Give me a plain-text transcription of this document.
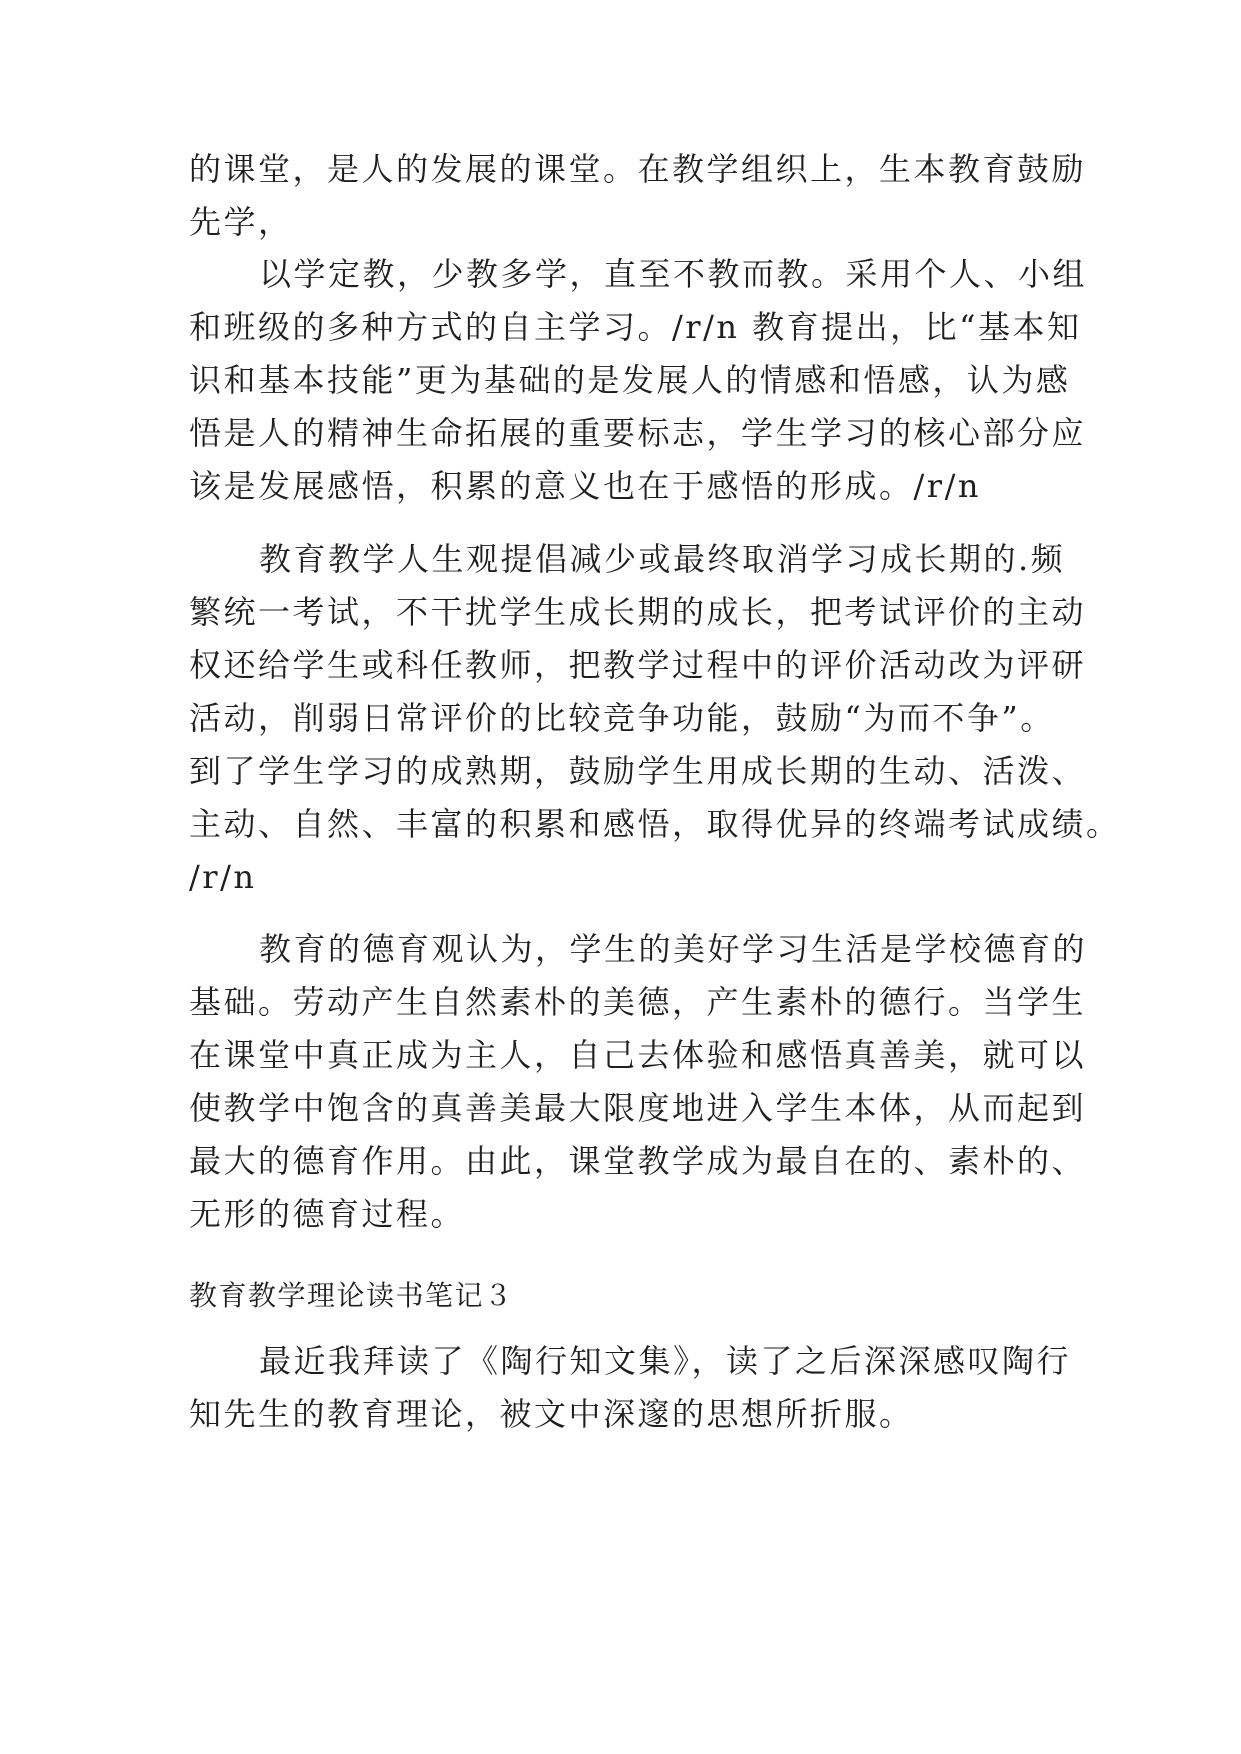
的课堂，是人的发展的课堂。在教学组织上，生本教育鼓励
先学，
以学定教，少教多学，直至不教而教。采用个人、小组
和班级的多种方式的自主学习。/r/n 教育提出，比“基本知
识和基本技能”更为基础的是发展人的情感和悟感，认为感
悟是人的精神生命拓展的重要标志，学生学习的核心部分应
该是发展感悟，积累的意义也在于感悟的形成。/r/n
教育教学人生观提倡减少或最终取消学习成长期的.频
繁统一考试，不干扰学生成长期的成长，把考试评价的主动
权还给学生或科任教师，把教学过程中的评价活动改为评研
活动，削弱日常评价的比较竞争功能，鼓励“为而不争”。
到了学生学习的成熟期，鼓励学生用成长期的生动、活泼、
主动、自然、丰富的积累和感悟，取得优异的终端考试成绩。
/r/n
教育的德育观认为，学生的美好学习生活是学校德育的
基础。劳动产生自然素朴的美德，产生素朴的德行。当学生
在课堂中真正成为主人，自己去体验和感悟真善美，就可以
使教学中饱含的真善美最大限度地进入学生本体，从而起到
最大的德育作用。由此，课堂教学成为最自在的、素朴的、
无形的德育过程。
教育教学理论读书笔记３
最近我拜读了《陶行知文集》，读了之后深深感叹陶行
知先生的教育理论，被文中深邃的思想所折服。
